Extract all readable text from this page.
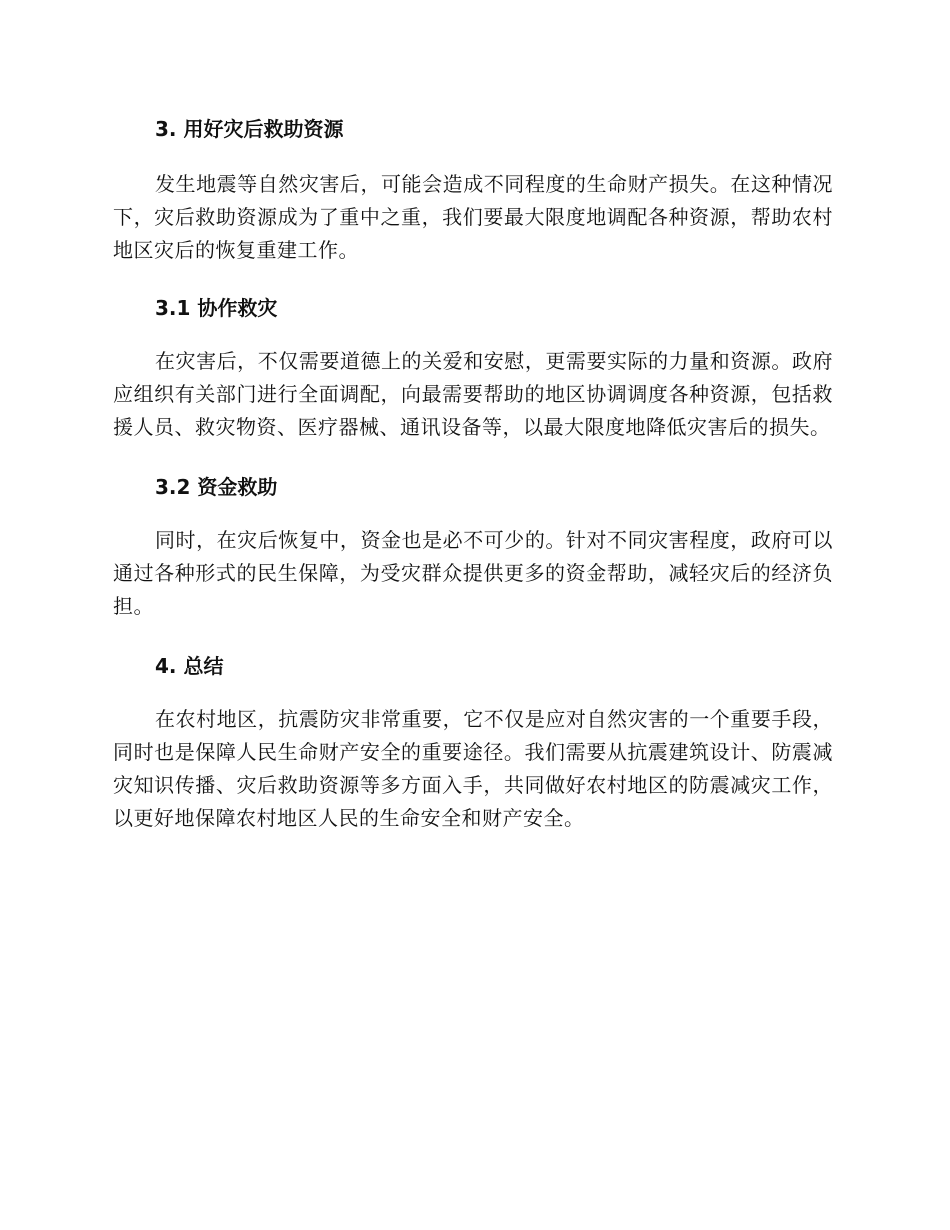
3. 用好灾后救助资源

发生地震等自然灾害后，可能会造成不同程度的生命财产损失。在这种情况下，灾后救助资源成为了重中之重，我们要最大限度地调配各种资源，帮助农村地区灾后的恢复重建工作。

3.1 协作救灾

在灾害后，不仅需要道德上的关爱和安慰，更需要实际的力量和资源。政府应组织有关部门进行全面调配，向最需要帮助的地区协调调度各种资源，包括救援人员、救灾物资、医疗器械、通讯设备等，以最大限度地降低灾害后的损失。

3.2 资金救助

同时，在灾后恢复中，资金也是必不可少的。针对不同灾害程度，政府可以通过各种形式的民生保障，为受灾群众提供更多的资金帮助，减轻灾后的经济负担。

4. 总结

在农村地区，抗震防灾非常重要，它不仅是应对自然灾害的一个重要手段，同时也是保障人民生命财产安全的重要途径。我们需要从抗震建筑设计、防震减灾知识传播、灾后救助资源等多方面入手，共同做好农村地区的防震减灾工作，以更好地保障农村地区人民的生命安全和财产安全。
